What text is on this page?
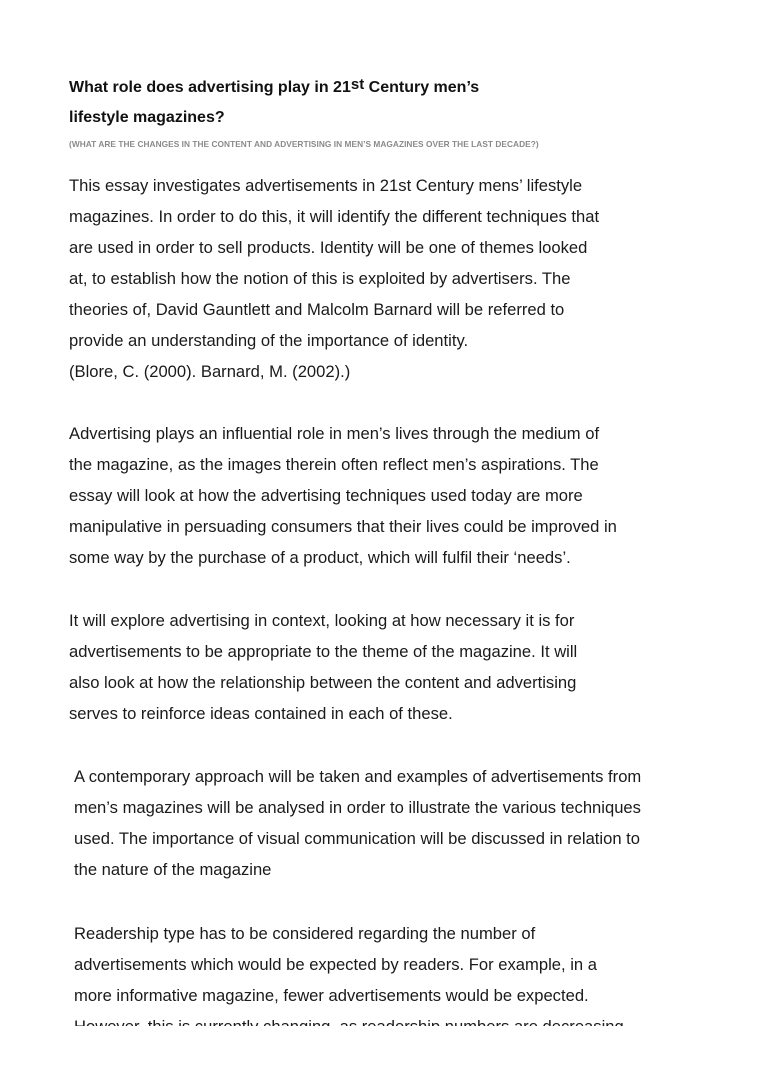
What role does advertising play in 21st Century men’s
lifestyle magazines?
(WHAT ARE THE CHANGES IN THE CONTENT AND ADVERTISING IN MEN’S MAGAZINES OVER THE LAST DECADE?)
This essay investigates advertisements in 21st Century mens’ lifestyle
magazines. In order to do this, it will identify the different techniques that
are used in order to sell products. Identity will be one of themes looked
at, to establish how the notion of this is exploited by advertisers. The
theories of, David Gauntlett and Malcolm Barnard will be referred to
provide an understanding of the importance of identity.
(Blore, C. (2000). Barnard, M. (2002).)
Advertising plays an influential role in men’s lives through the medium of
the magazine, as the images therein often reflect men’s aspirations. The
essay will look at how the advertising techniques used today are more
manipulative in persuading consumers that their lives could be improved in
some way by the purchase of a product, which will fulfil their ‘needs’.
It will explore advertising in context, looking at how necessary it is for
advertisements to be appropriate to the theme of the magazine. It will
also look at how the relationship between the content and advertising
serves to reinforce ideas contained in each of these.
A contemporary approach will be taken and examples of advertisements from
men’s magazines will be analysed in order to illustrate the various techniques
used. The importance of visual communication will be discussed in relation to
the nature of the magazine
Readership type has to be considered regarding the number of
advertisements which would be expected by readers. For example, in a
more informative magazine, fewer advertisements would be expected.
